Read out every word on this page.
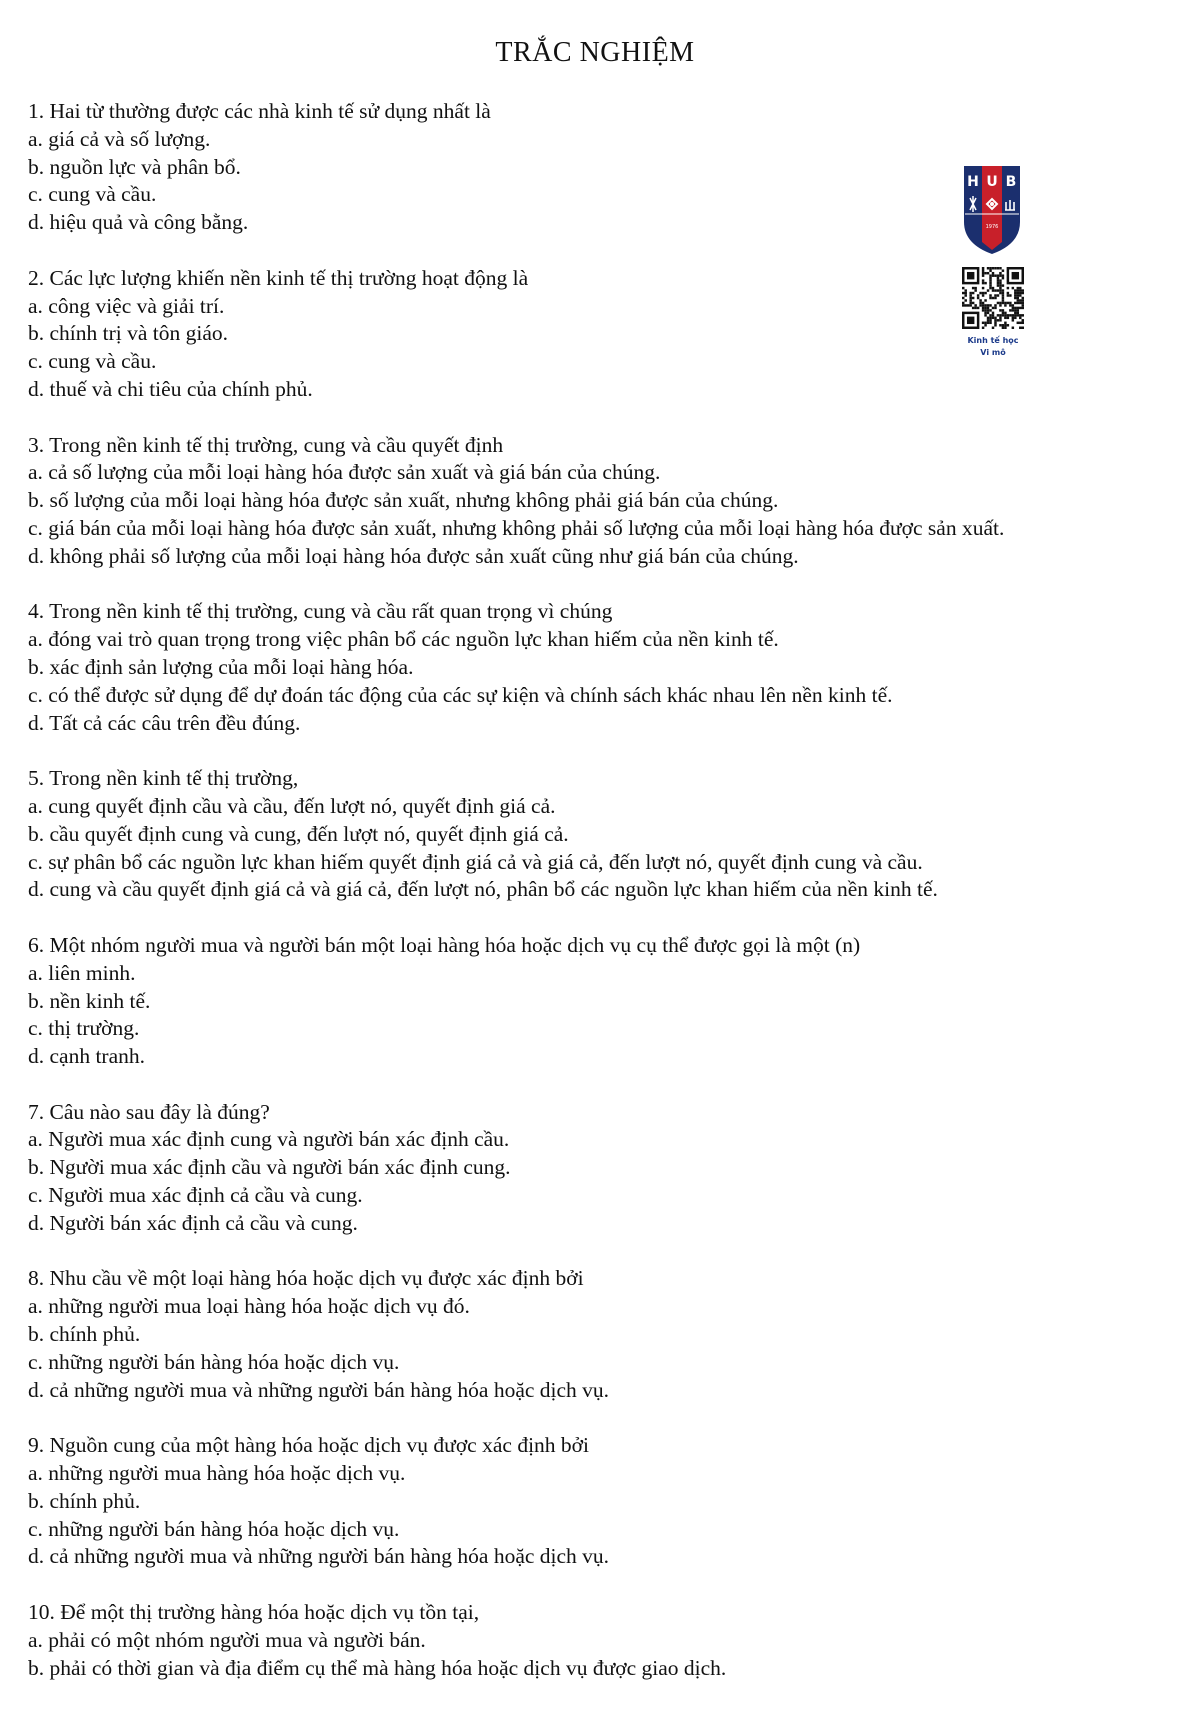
TRẮC NGHIỆM
1. Hai từ thường được các nhà kinh tế sử dụng nhất là
a. giá cả và số lượng.
b. nguồn lực và phân bổ.
c. cung và cầu.
d. hiệu quả và công bằng.
2. Các lực lượng khiến nền kinh tế thị trường hoạt động là
a. công việc và giải trí.
b. chính trị và tôn giáo.
c. cung và cầu.
d. thuế và chi tiêu của chính phủ.
3. Trong nền kinh tế thị trường, cung và cầu quyết định
a. cả số lượng của mỗi loại hàng hóa được sản xuất và giá bán của chúng.
b. số lượng của mỗi loại hàng hóa được sản xuất, nhưng không phải giá bán của chúng.
c. giá bán của mỗi loại hàng hóa được sản xuất, nhưng không phải số lượng của mỗi loại hàng hóa được sản xuất.
d. không phải số lượng của mỗi loại hàng hóa được sản xuất cũng như giá bán của chúng.
4. Trong nền kinh tế thị trường, cung và cầu rất quan trọng vì chúng
a. đóng vai trò quan trọng trong việc phân bổ các nguồn lực khan hiếm của nền kinh tế.
b. xác định sản lượng của mỗi loại hàng hóa.
c. có thể được sử dụng để dự đoán tác động của các sự kiện và chính sách khác nhau lên nền kinh tế.
d. Tất cả các câu trên đều đúng.
5. Trong nền kinh tế thị trường,
a. cung quyết định cầu và cầu, đến lượt nó, quyết định giá cả.
b. cầu quyết định cung và cung, đến lượt nó, quyết định giá cả.
c. sự phân bổ các nguồn lực khan hiếm quyết định giá cả và giá cả, đến lượt nó, quyết định cung và cầu.
d. cung và cầu quyết định giá cả và giá cả, đến lượt nó, phân bổ các nguồn lực khan hiếm của nền kinh tế.
6. Một nhóm người mua và người bán một loại hàng hóa hoặc dịch vụ cụ thể được gọi là một (n)
a. liên minh.
b. nền kinh tế.
c. thị trường.
d. cạnh tranh.
7. Câu nào sau đây là đúng?
a. Người mua xác định cung và người bán xác định cầu.
b. Người mua xác định cầu và người bán xác định cung.
c. Người mua xác định cả cầu và cung.
d. Người bán xác định cả cầu và cung.
8. Nhu cầu về một loại hàng hóa hoặc dịch vụ được xác định bởi
a. những người mua loại hàng hóa hoặc dịch vụ đó.
b. chính phủ.
c. những người bán hàng hóa hoặc dịch vụ.
d. cả những người mua và những người bán hàng hóa hoặc dịch vụ.
9. Nguồn cung của một hàng hóa hoặc dịch vụ được xác định bởi
a. những người mua hàng hóa hoặc dịch vụ.
b. chính phủ.
c. những người bán hàng hóa hoặc dịch vụ.
d. cả những người mua và những người bán hàng hóa hoặc dịch vụ.
10. Để một thị trường hàng hóa hoặc dịch vụ tồn tại,
a. phải có một nhóm người mua và người bán.
b. phải có thời gian và địa điểm cụ thể mà hàng hóa hoặc dịch vụ được giao dịch.
H U B
1976

Kinh tế học
Vi mô
